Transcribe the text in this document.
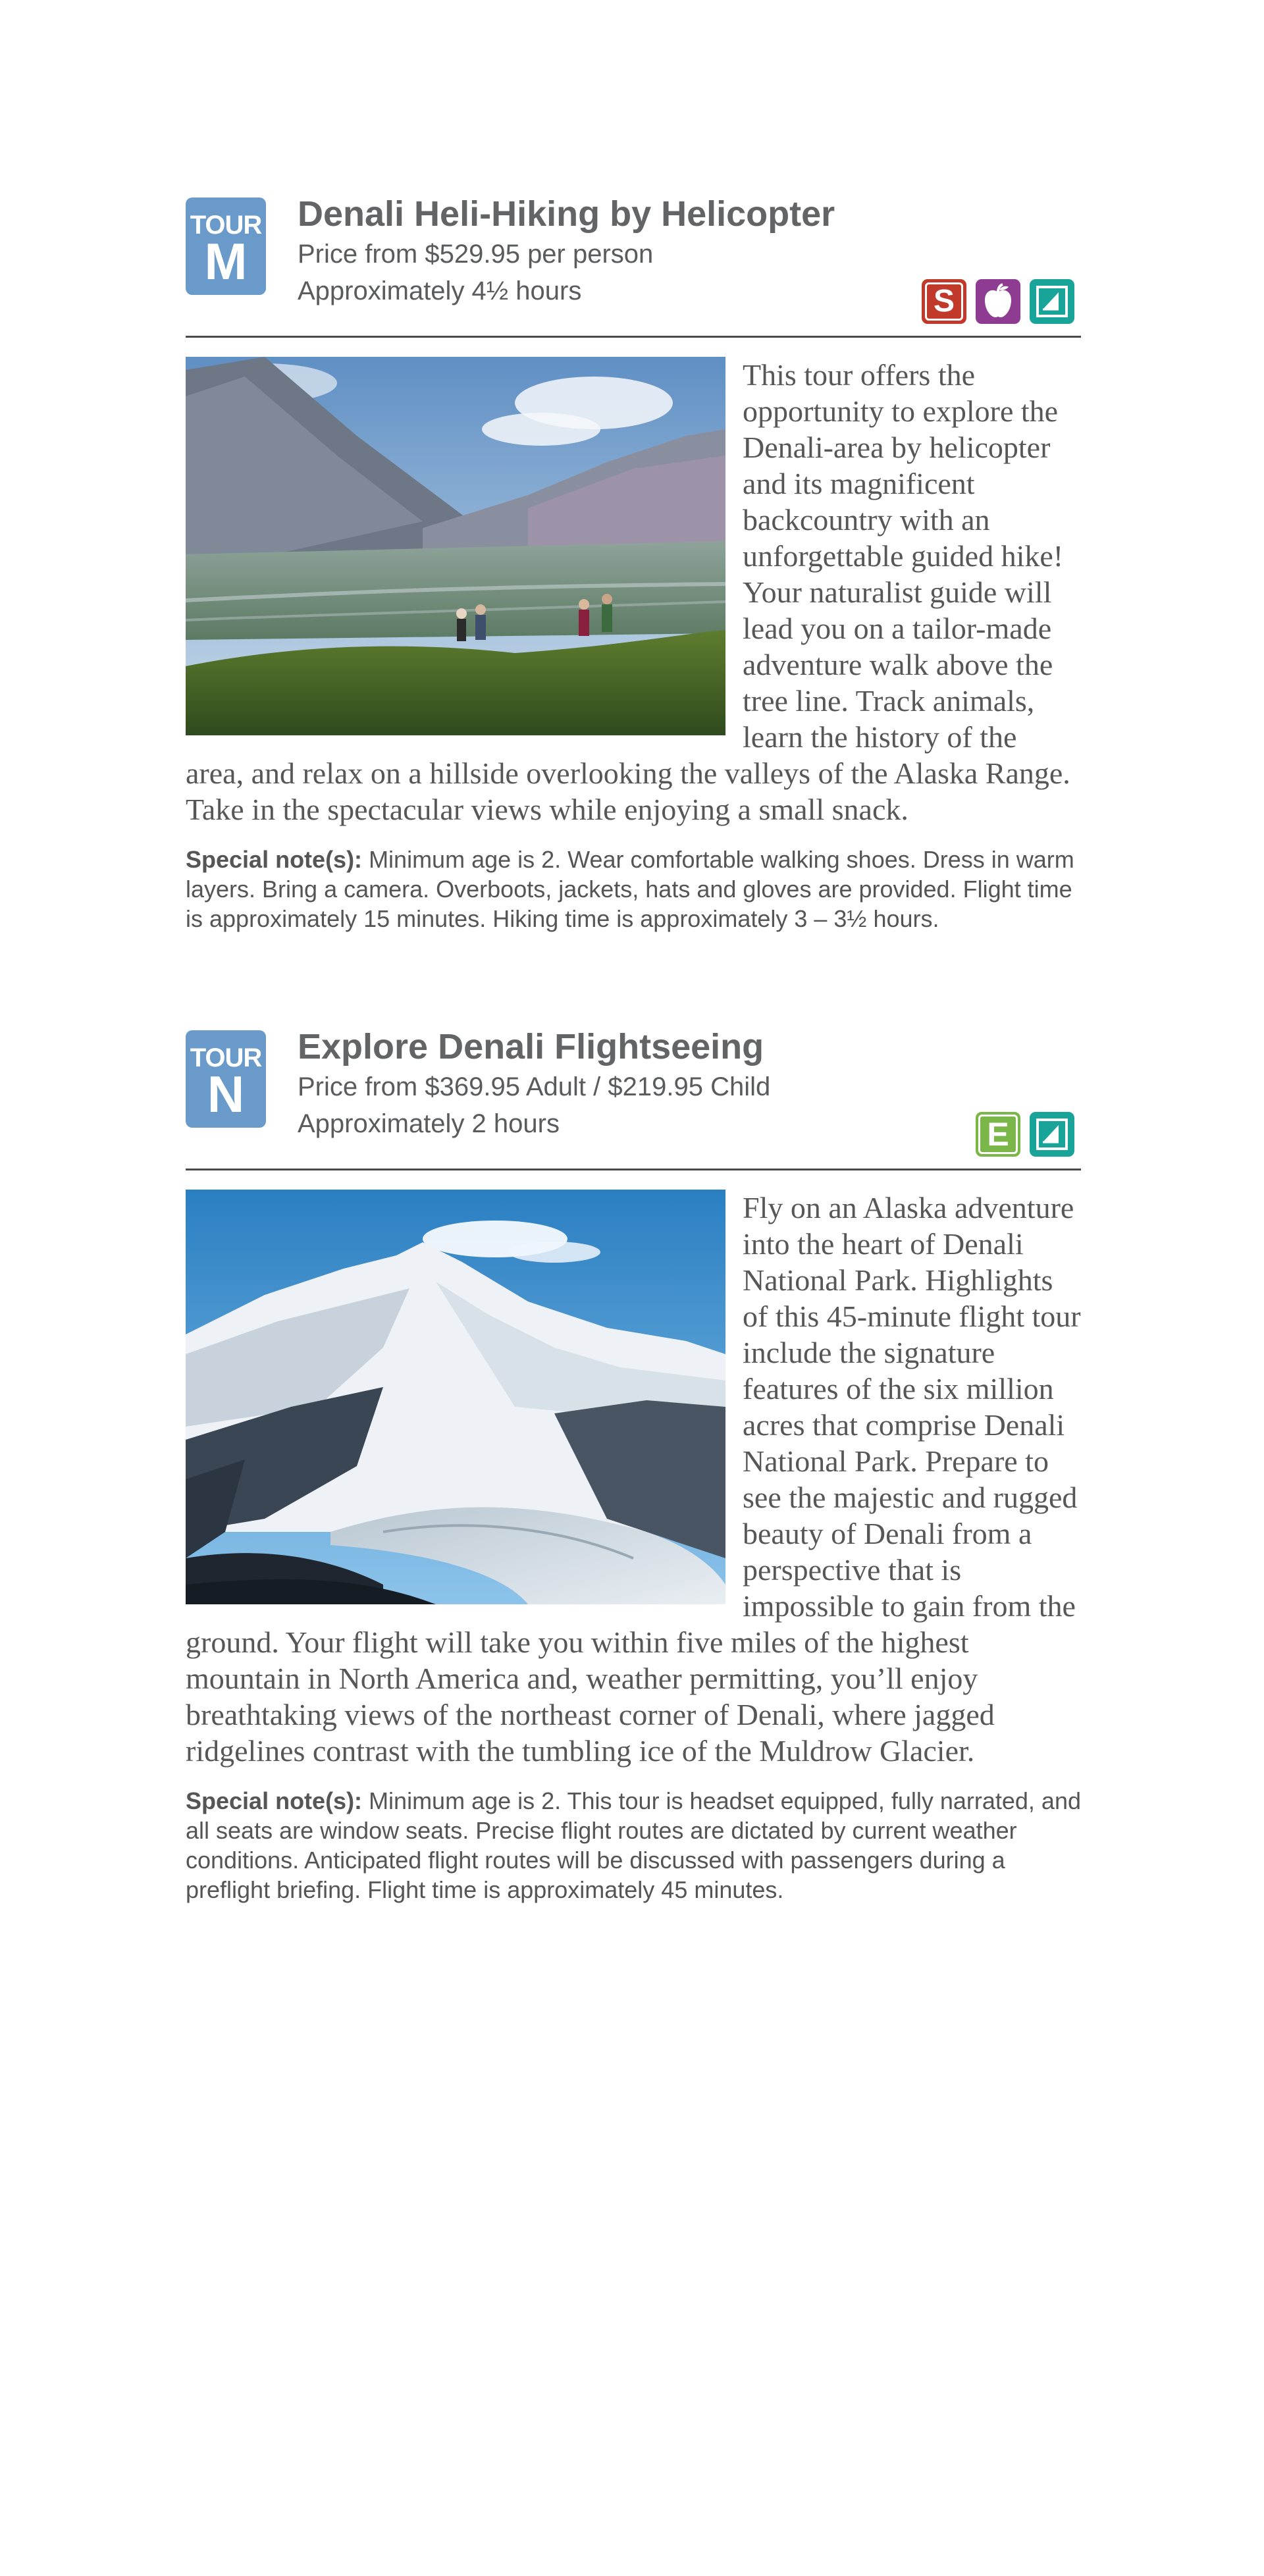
TOUR
M
Denali Heli-Hiking by Helicopter
Price from $529.95 per person
Approximately 4½ hours	S

This tour offers the opportunity to explore the Denali-area by helicopter and its magnificent backcountry with an unforgettable guided hike! Your naturalist guide will lead you on a tailor-made adventure walk above the tree line. Track animals, learn the history of the area, and relax on a hillside overlooking the valleys of the Alaska Range. Take in the spectacular views while enjoying a small snack.

Special note(s): Minimum age is 2. Wear comfortable walking shoes. Dress in warm layers. Bring a camera. Overboots, jackets, hats and gloves are provided. Flight time is approximately 15 minutes. Hiking time is approximately 3 – 3½ hours.

TOUR
N
Explore Denali Flightseeing
Price from $369.95 Adult / $219.95 Child
Approximately 2 hours	E

Fly on an Alaska adventure into the heart of Denali National Park. Highlights of this 45-minute flight tour include the signature features of the six million acres that comprise Denali National Park. Prepare to see the majestic and rugged beauty of Denali from a perspective that is impossible to gain from the ground. Your flight will take you within five miles of the highest mountain in North America and, weather permitting, you’ll enjoy breathtaking views of the northeast corner of Denali, where jagged ridgelines contrast with the tumbling ice of the Muldrow Glacier.

Special note(s): Minimum age is 2. This tour is headset equipped, fully narrated, and all seats are window seats. Precise flight routes are dictated by current weather conditions. Anticipated flight routes will be discussed with passengers during a preflight briefing. Flight time is approximately 45 minutes.
